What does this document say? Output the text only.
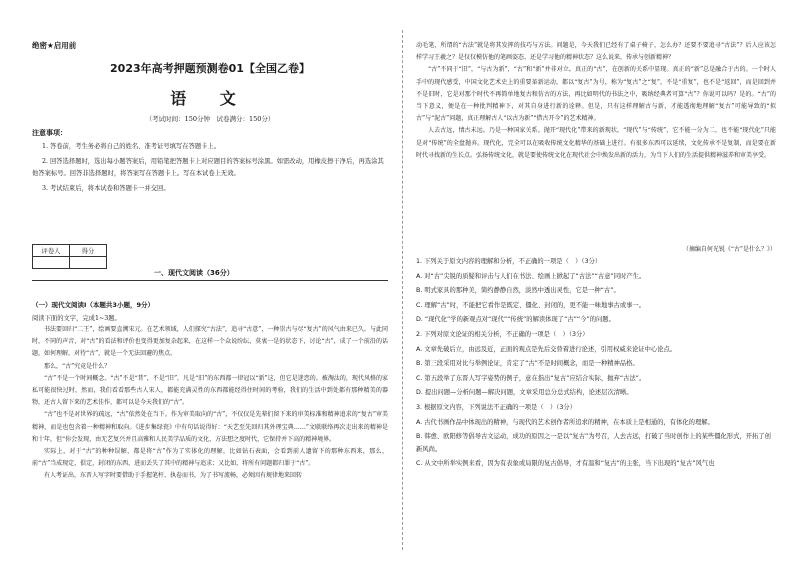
绝密★启用前
2023年高考押题预测卷01【全国乙卷】
语 文
（考试时间：150分钟　试卷满分：150分）
注意事项：

1. 答卷前，考生务必将自己的姓名、准考证号填写在答题卡上。

2. 回答选择题时，选出每小题答案后，用铅笔把答题卡上对应题目的答案标号涂黑。如需改动，用橡皮擦干净后，再选涂其他答案标号。回答非选择题时，将答案写在答题卡上。写在本试卷上无效。

3. 考试结束后，将本试卷和答题卡一并交回。

评卷人	得分

一、现代文阅读（36分）
（一）现代文阅读Ⅰ（本题共3小题，9分）
阅读下面的文字，完成1~3题。

书法要回归“二王”，绘画要直溯宋元。在艺术领域，人们探究“古法”，追寻“古意”，一种崇古与尽“复古”的风气由来已久。与此同时，不同的声音、对“古”的看法和评价也变得更加复杂起来，在这样一个众说纷纭，莫衷一是的状态下，讨论“古”，成了一个前沿的话题，如何理解，对待“古”，就是一个无法回避的焦点。

那么，“古”究竟是什么？

“古”不是一个时间概念。“古”不是“昔”，不是“旧”，凡是“旧”的东西都一律冠以“新”这，但它是迷恋的。被淘汰的，现代风格的家私可能很快过时，然而，我们看看那些古人宋人，都能充满灵性的东西都能经得住时间的考验，我们的生活中到处都有那种精美的器物，还古人留下来的艺术佳作，都可以是今天我们的“古”。

“古”也不是对世界的疏远，“古”依然处在当下。作为审美取向的“古”，不仅仅是先辈们留下来的审美标准和精神追求的“复古”审美精神，而是也包含着一种精神和取向。《进步集绿瓷》中有句话说得好：“天艺至先回归其外理宝典……”文联联络再次走出来的精神是和十年，但“你会发现，由无艺复兴并且高雅和人民美学品质的文化，方法想之度时代，它保持并下高的精神境界。

实际上，对于“古”的种种误解，都是将“古”作为了实体化的理解，比如钻石表面，会看到前人遗留下的那种东西来，那么，前“古”当成现定，俱定，封闭的东西，进而丢失了其中的精神与追求；又比如，将所有问题都归罪于“古”。

有人考证出，东晋人写字时要借助于手握笔杆、执卷而书，为了书写流畅，必须因有规律地来回转

动毛笔，所谓的“古法”就是将其发挥的技巧与方法。问题是，今天我们已经有了桌子椅子，怎么办？还要不要追寻“古法”？后人应该怎样学习王羲之？是仅仅模仿他的笔画姿态、还是学习他的精神状态？这么说来，传承与创新精神？

“古”不同于“旧”，“与古为新”，“古”和“新”并非对立。真正的“古”，在创新的关系中显现。真正的“新”总是融合于古的。一个时人手中的现代感受，中国文化艺术史上的重要革新运动，都以“复古”为号，称为“复古”之“复”，不是“重复”，也不是“返回”，而是回到并不是旧时，它是对那个时代不再简单地复古和仿古的方法，再比如明代的书法之中，吸纳经典者可算“古”？你说可以吗？是的。“古”的当下意义，便是在一种批判精神下，对其自身进行新的诠释。但是，只有这样理解古与新，才能透彻地理解“复古”可能导致的“拟古”与“泥古”问题，真正理解古人“以古为新”“借古开今”的艺术精神。

人去古远，情古未远。乃是一种国家关系。抛开“现代化”带来的新现状，“现代”与“传统”，它不能一分为二，也不能“现代化”只能是对“传统”的全盘抛弃。现代化，完全可以在吸收传统文化精华的基础上进行。有很多东西可以延续，文化传承不是复制，而是要在新时代寻找新的生长点。弘扬传统文化，就是要使传统文化在现代社会中焕发出新的活力，为当下人们的生活提供精神滋养和审美享受。

（摘编自何光锐《“古”是什么？》）
1. 下列关于原文内容的理解和分析，不正确的一项是（　）（3分）
A. 对“古”尖锐的质疑和评击与人们在书法、绘画上掀起了“古法”“古意”同时产生。
B. 明式家具的那种美，简约静静自然，淡然中透出灵性，它是一种“古”。
C. 理解“古”时，不能把它看作是既定、僵化、封闭的，更不能一味地事古或事一。
D. “现代化”学的新观点对“现代”“传统”的解读体现了“古”“今”的问题。
2. 下列对原文论证的相关分析，不正确的一项是（　）（3分）
A. 文章先破后立，由远及近，正面的观点是先后交替着进行论述，引用权威来论证中心论点。
B. 第三段采用对比与举例论证，肯定了“古”不是时间概念，而是一种精神品格。
C. 第五段举了东晋人写字姿势的例子，意在指出“复古”应结合实际，抛弃“古法”。
D. 提出问题—分析问题—解决问题，文章采用总分总式结构，论述层次清晰。
3. 根据原文内容，下列说法不正确的一项是（　）（3分）
A. 古代书画作品中体现出的精神，与现代的艺术创作者所追求的精神，在本质上是相通的，有体化的理解。
B. 韩愈、欧阳修等倡导古文运动，成功的原因之一是以“复古”为号召，人去古远，打破了当时创作上的某些僵化形式，开拓了创新风尚。
C. 从文中所举实例来看，因为有表象或局限的复古倡导，才有温和“复古”的主张，当下出现的“复古”风气也
